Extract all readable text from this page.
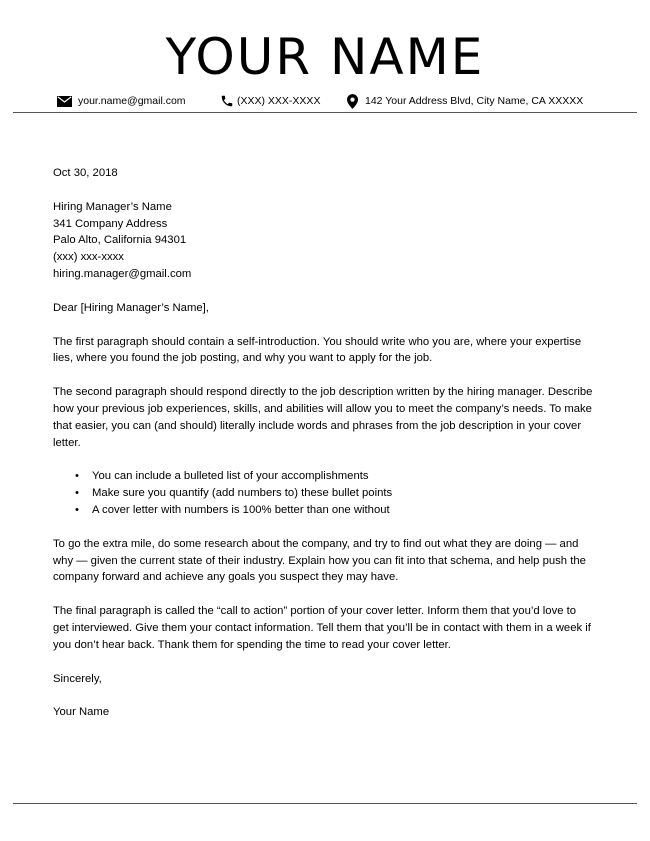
YOUR NAME
your.name@gmail.com	(XXX) XXX-XXXX	142 Your Address Blvd, City Name, CA XXXXX

Oct 30, 2018

Hiring Manager’s Name

341 Company Address

Palo Alto, California 94301

(xxx) xxx-xxxx

hiring.manager@gmail.com

Dear [Hiring Manager’s Name],

The first paragraph should contain a self-introduction. You should write who you are, where your expertise lies, where you found the job posting, and why you want to apply for the job.

The second paragraph should respond directly to the job description written by the hiring manager. Describe how your previous job experiences, skills, and abilities will allow you to meet the company’s needs. To make that easier, you can (and should) literally include words and phrases from the job description in your cover letter.

• You can include a bulleted list of your accomplishments
• Make sure you quantify (add numbers to) these bullet points
• A cover letter with numbers is 100% better than one without

To go the extra mile, do some research about the company, and try to find out what they are doing — and why — given the current state of their industry. Explain how you can fit into that schema, and help push the company forward and achieve any goals you suspect they may have.

The final paragraph is called the “call to action” portion of your cover letter. Inform them that you’d love to get interviewed. Give them your contact information. Tell them that you’ll be in contact with them in a week if you don’t hear back. Thank them for spending the time to read your cover letter.

Sincerely,

Your Name
